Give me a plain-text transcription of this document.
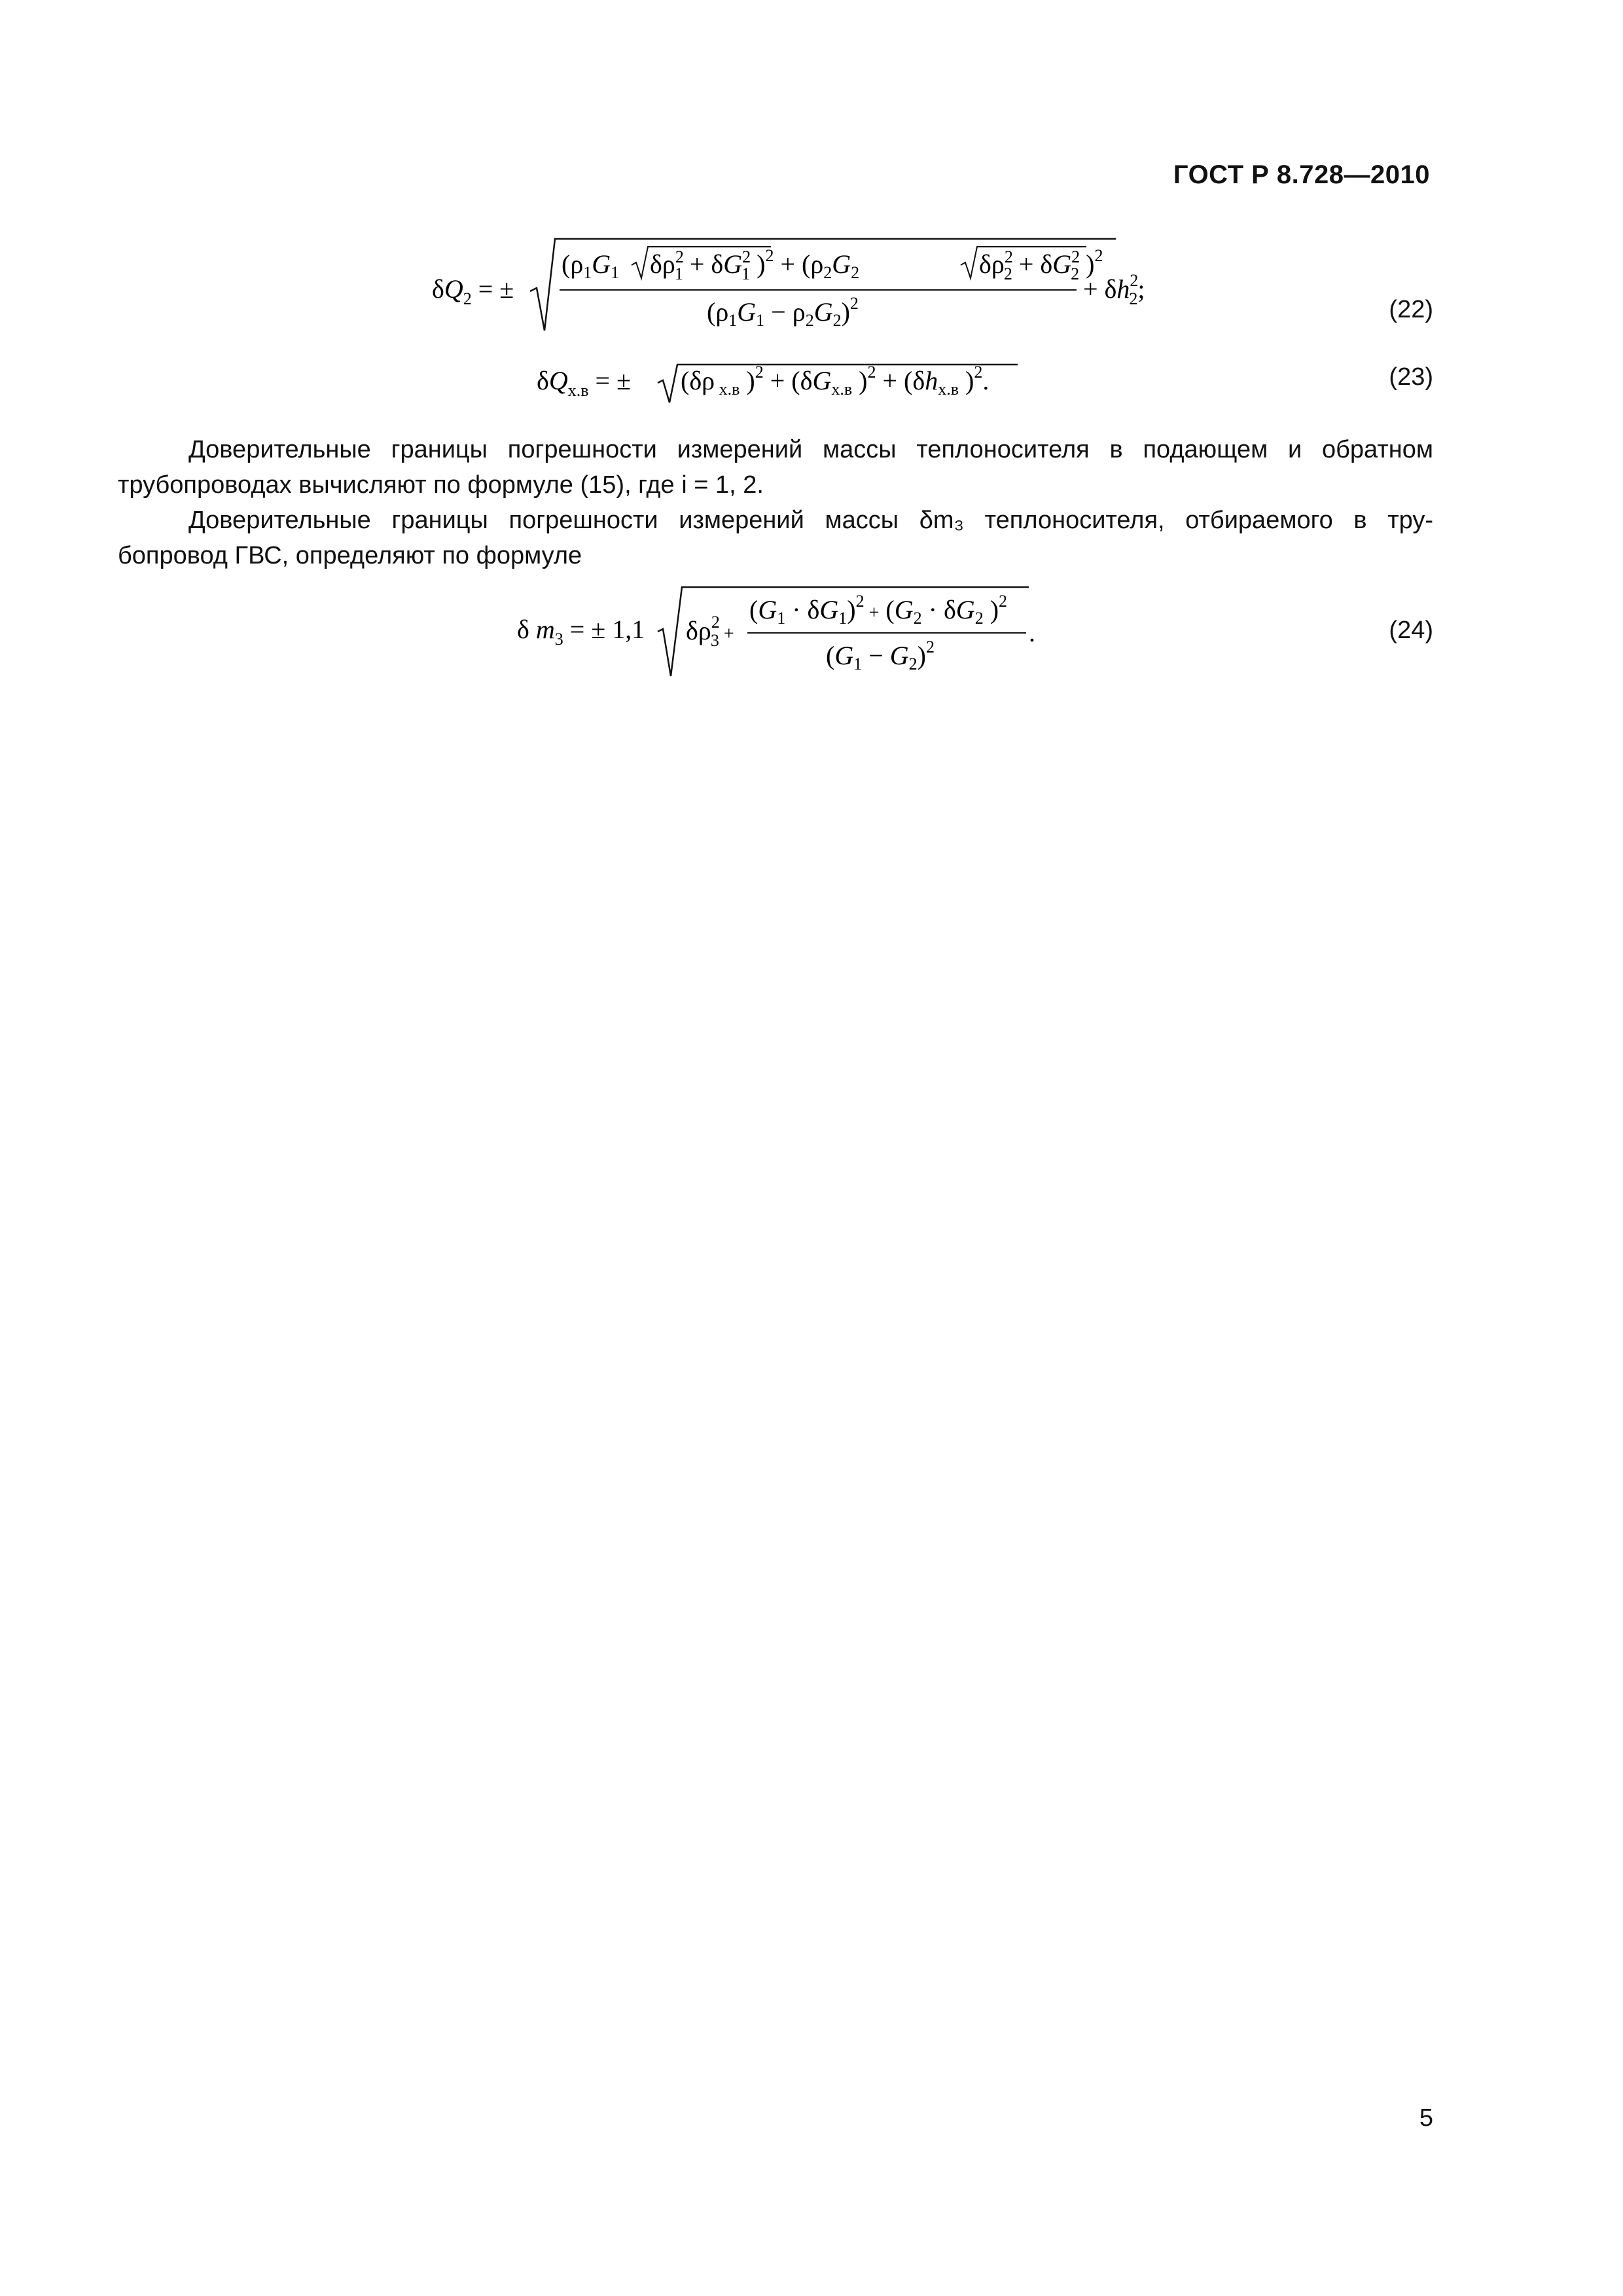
ГОСТ Р 8.728—2010
$\delta Q_2$ = ±
($\rho_1G_1$ $\delta\rho^2$ $1 + \delta G^2$ 1 )$^2 + (\rho_2G_2$	$\delta\rho^2$ $2 + \delta G^2$ 2 )$^2$
$(\rho_1G_1 - \rho_2G_2)^2$	+ $\delta h^2$ 2;
(22)
$\delta Q_{х.в}$ = ± (δρ $_{х.в}$ )$^2 + (\delta G_{х.в}$ )$^2 + (\delta h_{х.в}$ )$^2$.	(23)
Доверительные границы погрешности измерений массы теплоносителя в подающем и обратном
трубопроводах вычисляют по формуле (15), где i = 1, 2.
Доверительные границы погрешности измерений массы δm₃ теплоносителя, отбираемого в тру-
бопровод ГВС, определяют по формуле
δ $m_3$ = ± 1,1 $\delta\rho^2$ 3 +
$(G_1 \cdot \delta G_1)^2$ $_+$ ($G_2 \cdot \delta G_2$ )$^2$
$(G_1 - G_2)^2$	.	(24)
5
